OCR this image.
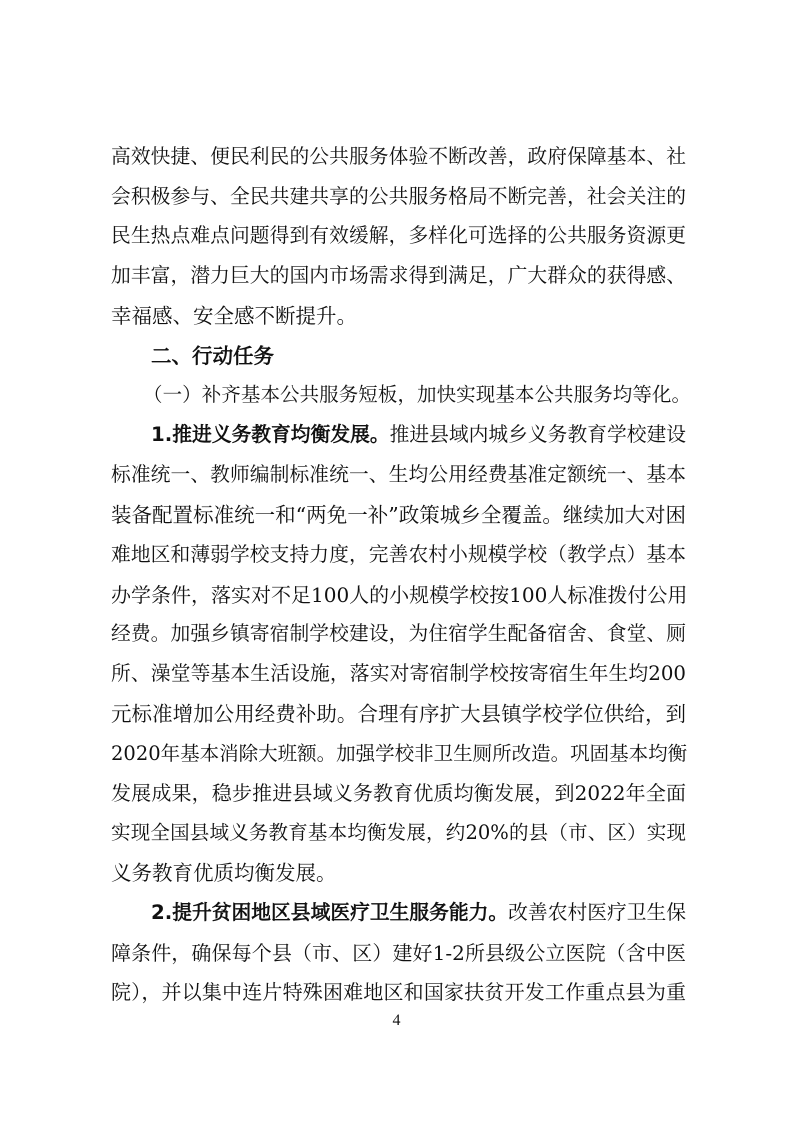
高效快捷、便民利民的公共服务体验不断改善，政府保障基本、社
会积极参与、全民共建共享的公共服务格局不断完善，社会关注的
民生热点难点问题得到有效缓解，多样化可选择的公共服务资源更
加丰富，潜力巨大的国内市场需求得到满足，广大群众的获得感、
幸福感、安全感不断提升。
二、行动任务
（一）补齐基本公共服务短板，加快实现基本公共服务均等化。
1.推进义务教育均衡发展。推进县域内城乡义务教育学校建设
标准统一、教师编制标准统一、生均公用经费基准定额统一、基本
装备配置标准统一和“两免一补”政策城乡全覆盖。继续加大对困
难地区和薄弱学校支持力度，完善农村小规模学校（教学点）基本
办学条件，落实对不足100人的小规模学校按100人标准拨付公用
经费。加强乡镇寄宿制学校建设，为住宿学生配备宿舍、食堂、厕
所、澡堂等基本生活设施，落实对寄宿制学校按寄宿生年生均200
元标准增加公用经费补助。合理有序扩大县镇学校学位供给，到
2020年基本消除大班额。加强学校非卫生厕所改造。巩固基本均衡
发展成果，稳步推进县域义务教育优质均衡发展，到2022年全面
实现全国县域义务教育基本均衡发展，约20%的县（市、区）实现
义务教育优质均衡发展。
2.提升贫困地区县域医疗卫生服务能力。改善农村医疗卫生保
障条件，确保每个县（市、区）建好1-2所县级公立医院（含中医
院），并以集中连片特殊困难地区和国家扶贫开发工作重点县为重
4
